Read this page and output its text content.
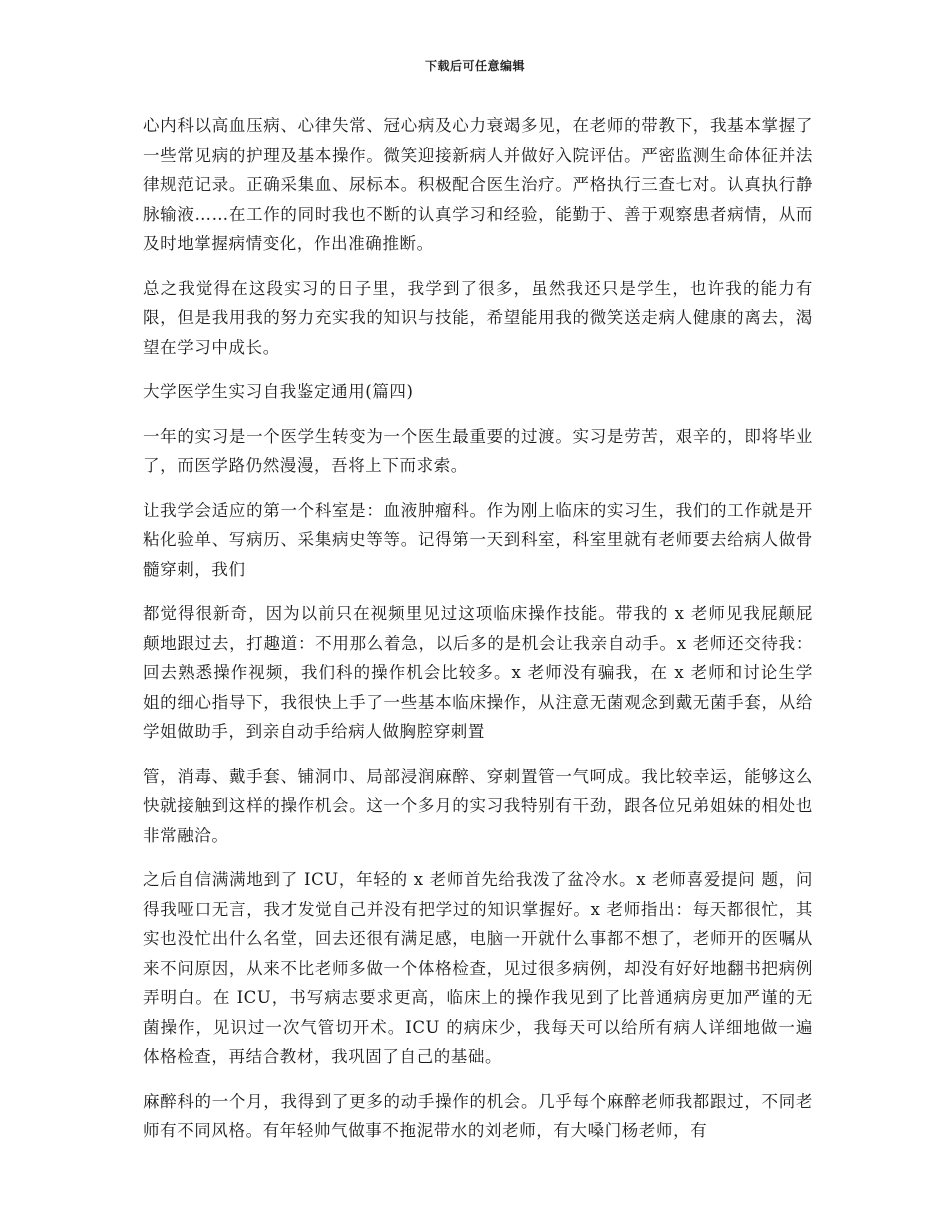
下载后可任意编辑

心内科以高血压病、心律失常、冠心病及心力衰竭多见，在老师的带教下，我基本掌握了一些常见病的护理及基本操作。微笑迎接新病人并做好入院评估。严密监测生命体征并法律规范记录。正确采集血、尿标本。积极配合医生治疗。严格执行三查七对。认真执行静脉输液……在工作的同时我也不断的认真学习和经验，能勤于、善于观察患者病情，从而及时地掌握病情变化，作出准确推断。

总之我觉得在这段实习的日子里，我学到了很多，虽然我还只是学生，也许我的能力有限，但是我用我的努力充实我的知识与技能，希望能用我的微笑送走病人健康的离去，渴望在学习中成长。

大学医学生实习自我鉴定通用(篇四)

一年的实习是一个医学生转变为一个医生最重要的过渡。实习是劳苦，艰辛的，即将毕业了，而医学路仍然漫漫，吾将上下而求索。

让我学会适应的第一个科室是：血液肿瘤科。作为刚上临床的实习生，我们的工作就是开粘化验单、写病历、采集病史等等。记得第一天到科室，科室里就有老师要去给病人做骨髓穿刺，我们

都觉得很新奇，因为以前只在视频里见过这项临床操作技能。带我的 x 老师见我屁颠屁颠地跟过去，打趣道：不用那么着急，以后多的是机会让我亲自动手。x 老师还交待我：回去熟悉操作视频，我们科的操作机会比较多。x 老师没有骗我，在 x 老师和讨论生学姐的细心指导下，我很快上手了一些基本临床操作，从注意无菌观念到戴无菌手套，从给学姐做助手，到亲自动手给病人做胸腔穿刺置

管，消毒、戴手套、铺洞巾、局部浸润麻醉、穿刺置管一气呵成。我比较幸运，能够这么快就接触到这样的操作机会。这一个多月的实习我特别有干劲，跟各位兄弟姐妹的相处也非常融洽。

之后自信满满地到了 ICU，年轻的 x 老师首先给我泼了盆冷水。x 老师喜爱提问 题，问得我哑口无言，我才发觉自己并没有把学过的知识掌握好。x 老师指出：每天都很忙，其实也没忙出什么名堂，回去还很有满足感，电脑一开就什么事都不想了，老师开的医嘱从来不问原因，从来不比老师多做一个体格检查，见过很多病例，却没有好好地翻书把病例弄明白。在 ICU，书写病志要求更高，临床上的操作我见到了比普通病房更加严谨的无菌操作，见识过一次气管切开术。ICU 的病床少，我每天可以给所有病人详细地做一遍体格检查，再结合教材，我巩固了自己的基础。

麻醉科的一个月，我得到了更多的动手操作的机会。几乎每个麻醉老师我都跟过，不同老师有不同风格。有年轻帅气做事不拖泥带水的刘老师，有大嗓门杨老师，有
